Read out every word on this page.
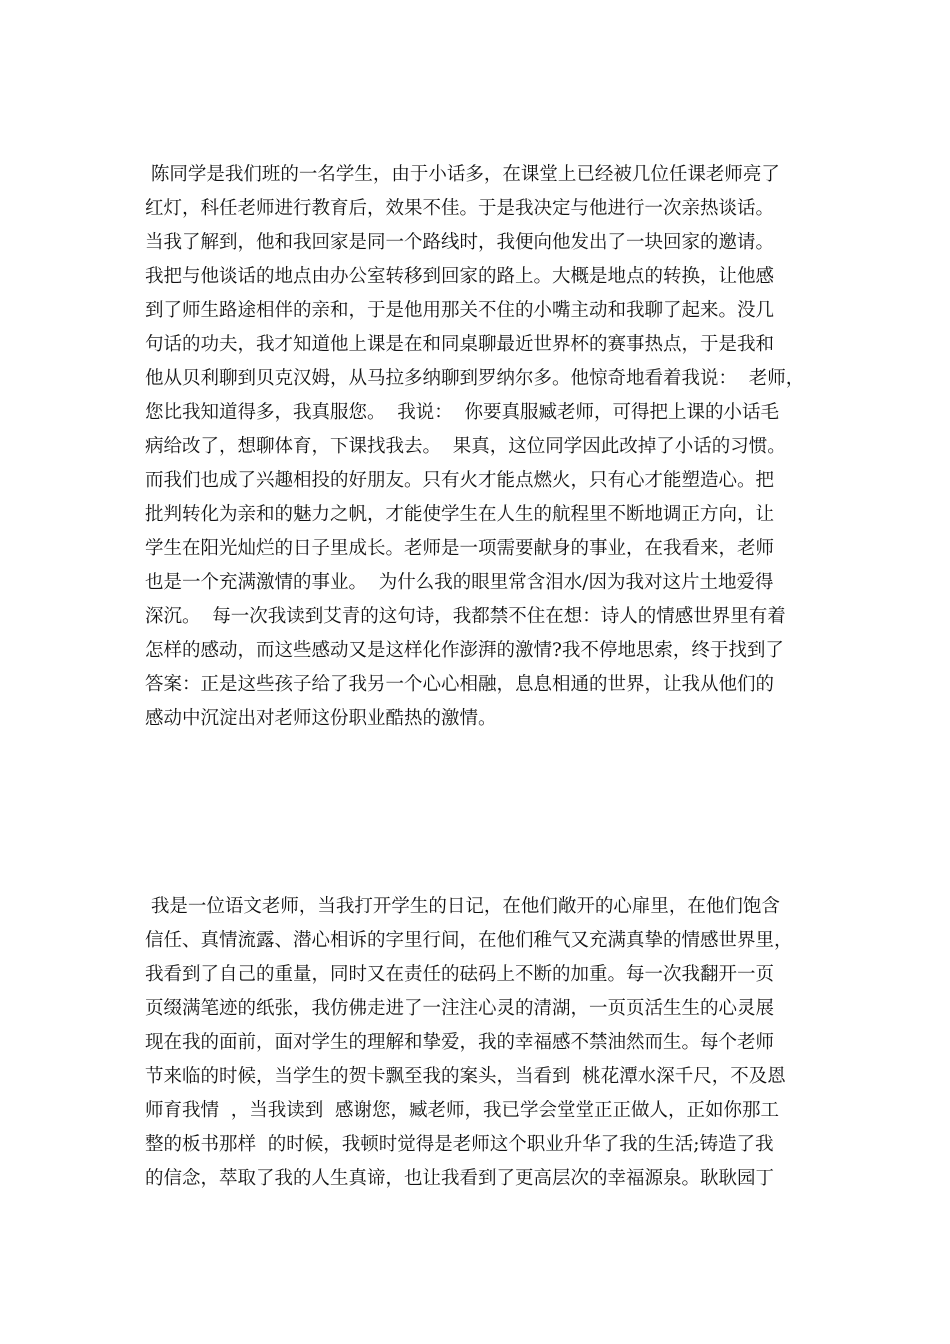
陈同学是我们班的一名学生，由于小话多，在课堂上已经被几位任课老师亮了
红灯，科任老师进行教育后，效果不佳。于是我决定与他进行一次亲热谈话。
当我了解到，他和我回家是同一个路线时，我便向他发出了一块回家的邀请。
我把与他谈话的地点由办公室转移到回家的路上。大概是地点的转换，让他感
到了师生路途相伴的亲和，于是他用那关不住的小嘴主动和我聊了起来。没几
句话的功夫，我才知道他上课是在和同桌聊最近世界杯的赛事热点，于是我和
他从贝利聊到贝克汉姆，从马拉多纳聊到罗纳尔多。他惊奇地看着我说：  老师，
您比我知道得多，我真服您。  我说：  你要真服臧老师，可得把上课的小话毛
病给改了，想聊体育，下课找我去。  果真，这位同学因此改掉了小话的习惯。
而我们也成了兴趣相投的好朋友。只有火才能点燃火，只有心才能塑造心。把
批判转化为亲和的魅力之帆，才能使学生在人生的航程里不断地调正方向，让
学生在阳光灿烂的日子里成长。老师是一项需要献身的事业，在我看来，老师
也是一个充满激情的事业。  为什么我的眼里常含泪水/因为我对这片土地爱得
深沉。  每一次我读到艾青的这句诗，我都禁不住在想：诗人的情感世界里有着
怎样的感动，而这些感动又是这样化作澎湃的激情?我不停地思索，终于找到了
答案：正是这些孩子给了我另一个心心相融，息息相通的世界，让我从他们的
感动中沉淀出对老师这份职业酷热的激情。
我是一位语文老师，当我打开学生的日记，在他们敞开的心扉里，在他们饱含
信任、真情流露、潜心相诉的字里行间，在他们稚气又充满真挚的情感世界里，
我看到了自己的重量，同时又在责任的砝码上不断的加重。每一次我翻开一页
页缀满笔迹的纸张，我仿佛走进了一注注心灵的清湖，一页页活生生的心灵展
现在我的面前，面对学生的理解和挚爱，我的幸福感不禁油然而生。每个老师
节来临的时候，当学生的贺卡飘至我的案头，当看到  桃花潭水深千尺，不及恩
师育我情  ，当我读到  感谢您，臧老师，我已学会堂堂正正做人，正如你那工
整的板书那样  的时候，我顿时觉得是老师这个职业升华了我的生活;铸造了我
的信念，萃取了我的人生真谛，也让我看到了更高层次的幸福源泉。耿耿园丁
